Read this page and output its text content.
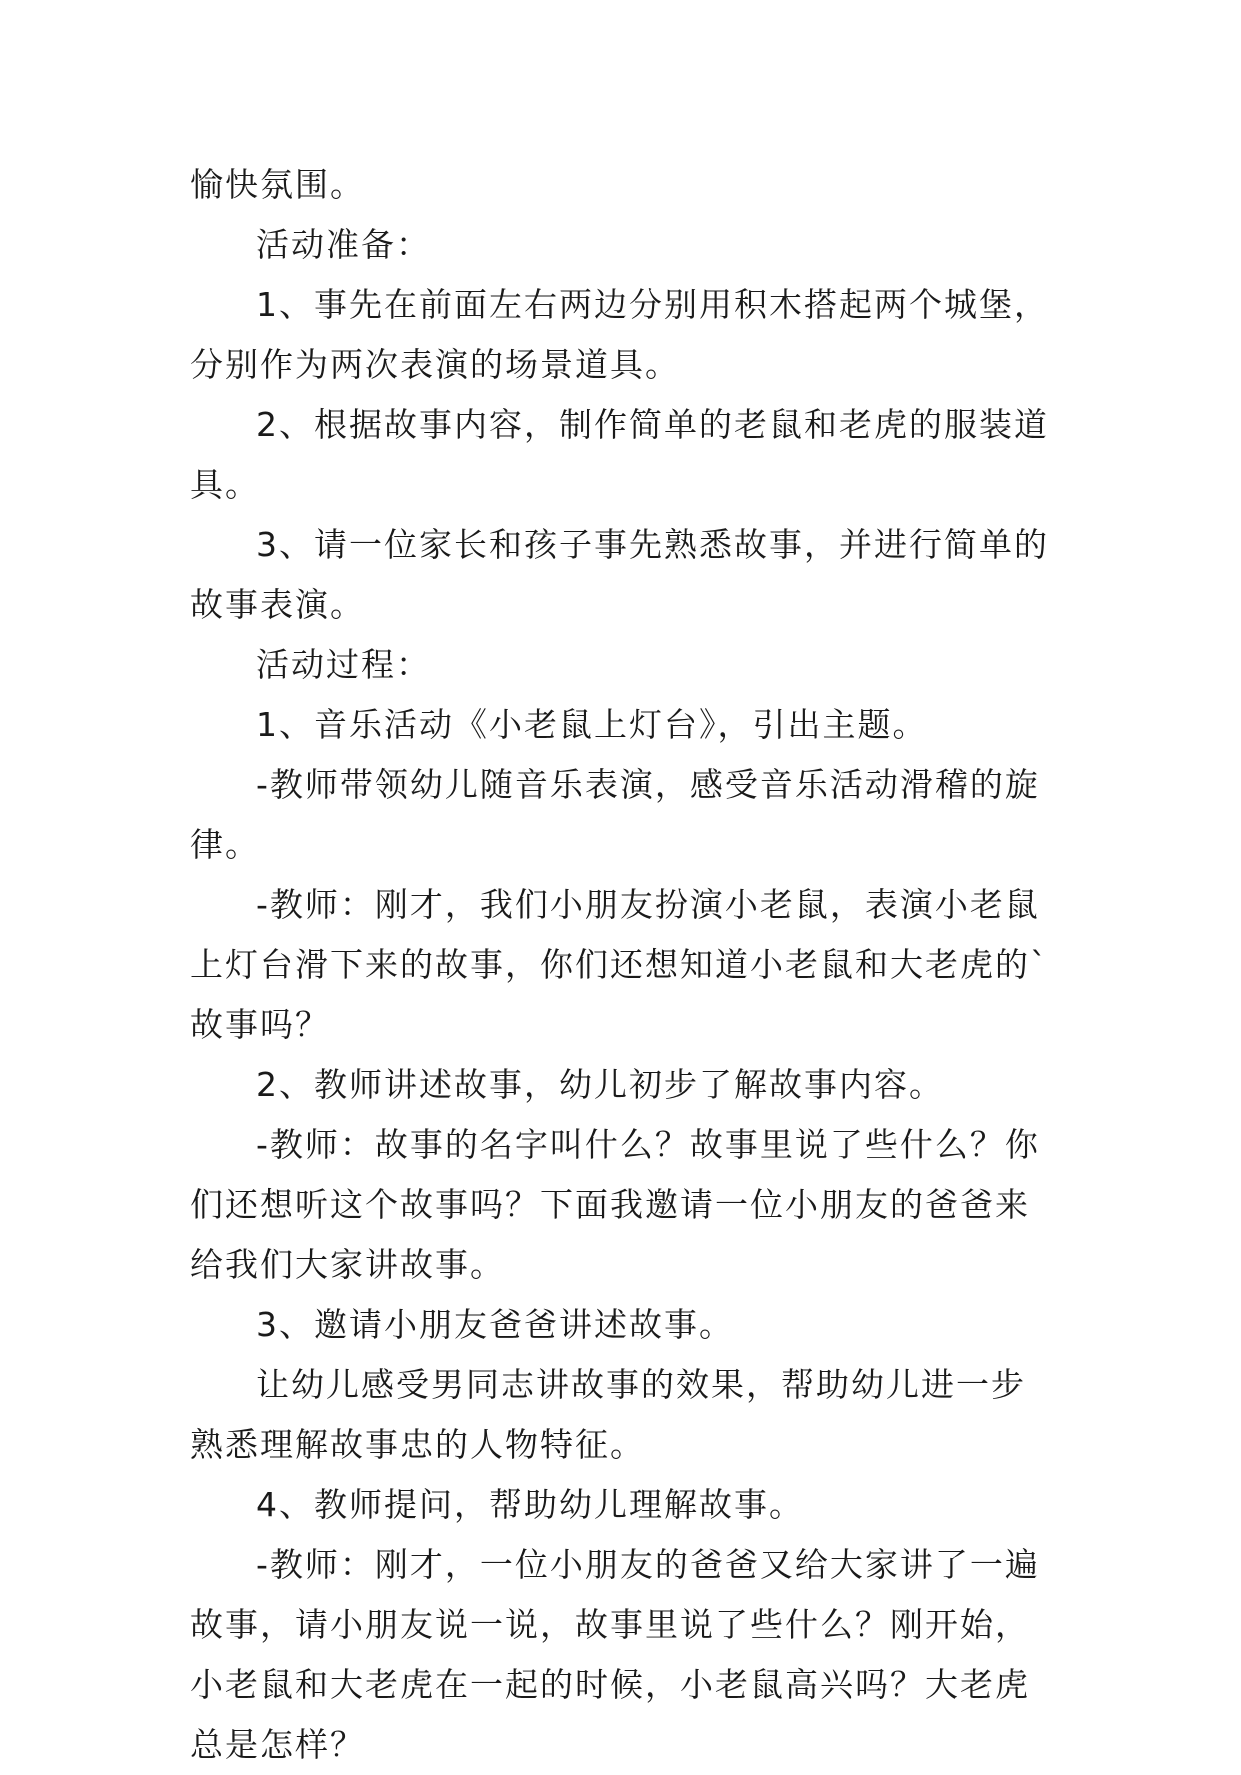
愉快氛围。

活动准备：

1、事先在前面左右两边分别用积木搭起两个城堡，分别作为两次表演的场景道具。

2、根据故事内容，制作简单的老鼠和老虎的服装道具。

3、请一位家长和孩子事先熟悉故事，并进行简单的故事表演。

活动过程：

1、音乐活动《小老鼠上灯台》，引出主题。

-教师带领幼儿随音乐表演，感受音乐活动滑稽的旋律。

-教师：刚才，我们小朋友扮演小老鼠，表演小老鼠上灯台滑下来的故事，你们还想知道小老鼠和大老虎的`故事吗？

2、教师讲述故事，幼儿初步了解故事内容。

-教师：故事的名字叫什么？故事里说了些什么？你们还想听这个故事吗？下面我邀请一位小朋友的爸爸来给我们大家讲故事。

3、邀请小朋友爸爸讲述故事。

让幼儿感受男同志讲故事的效果，帮助幼儿进一步熟悉理解故事忠的人物特征。

4、教师提问，帮助幼儿理解故事。

-教师：刚才，一位小朋友的爸爸又给大家讲了一遍故事，请小朋友说一说，故事里说了些什么？刚开始，小老鼠和大老虎在一起的时候，小老鼠高兴吗？大老虎总是怎样？
